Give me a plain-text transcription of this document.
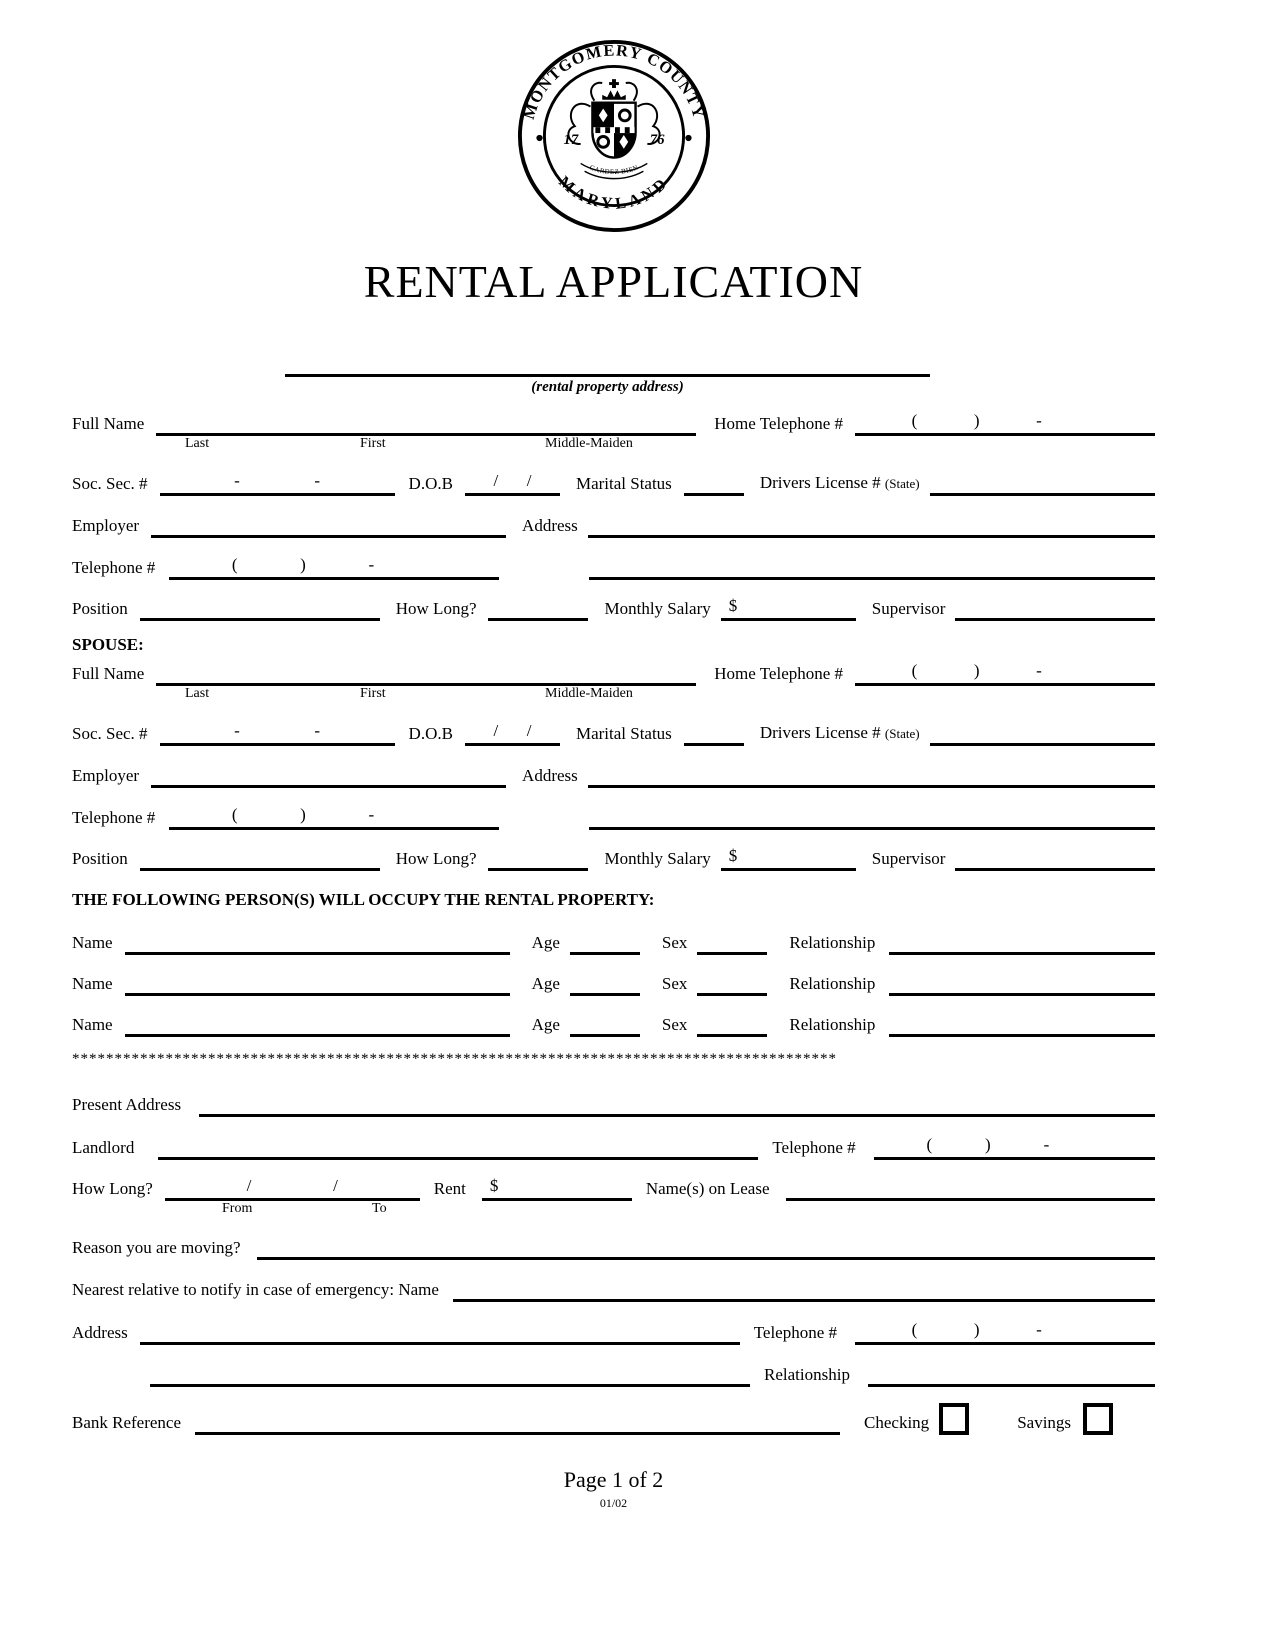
MONTGOMERY COUNTY
MARYLAND
17	76
GARDEZ BIEN
RENTAL APPLICATION
(rental property address)
Full Name	Home Telephone #	(	)	-
Last	First	Middle-Maiden
Soc. Sec. #	-	-	D.O.B / /	Marital Status	Drivers License # (State)
Employer	Address
Telephone #	(	)	-
Position	How Long?	Monthly Salary $	Supervisor
SPOUSE:
Full Name	Home Telephone #	(	)	-
Last	First	Middle-Maiden
Soc. Sec. #	-	-	D.O.B / /	Marital Status	Drivers License # (State)
Employer	Address
Telephone #	(	)	-
Position	How Long?	Monthly Salary $	Supervisor
THE FOLLOWING PERSON(S) WILL OCCUPY THE RENTAL PROPERTY:
Name	Age	Sex	Relationship
Name	Age	Sex	Relationship
Name	Age	Sex	Relationship
******************************************************************************************
Present Address
Landlord	Telephone #	(	)	-
How Long?	/	/	Rent $	Name(s) on Lease
From	To
Reason you are moving?
Nearest relative to notify in case of emergency: Name
Address	Telephone #	(	)	-
Relationship
Bank Reference	Checking	Savings
Page 1 of 2
01/02
